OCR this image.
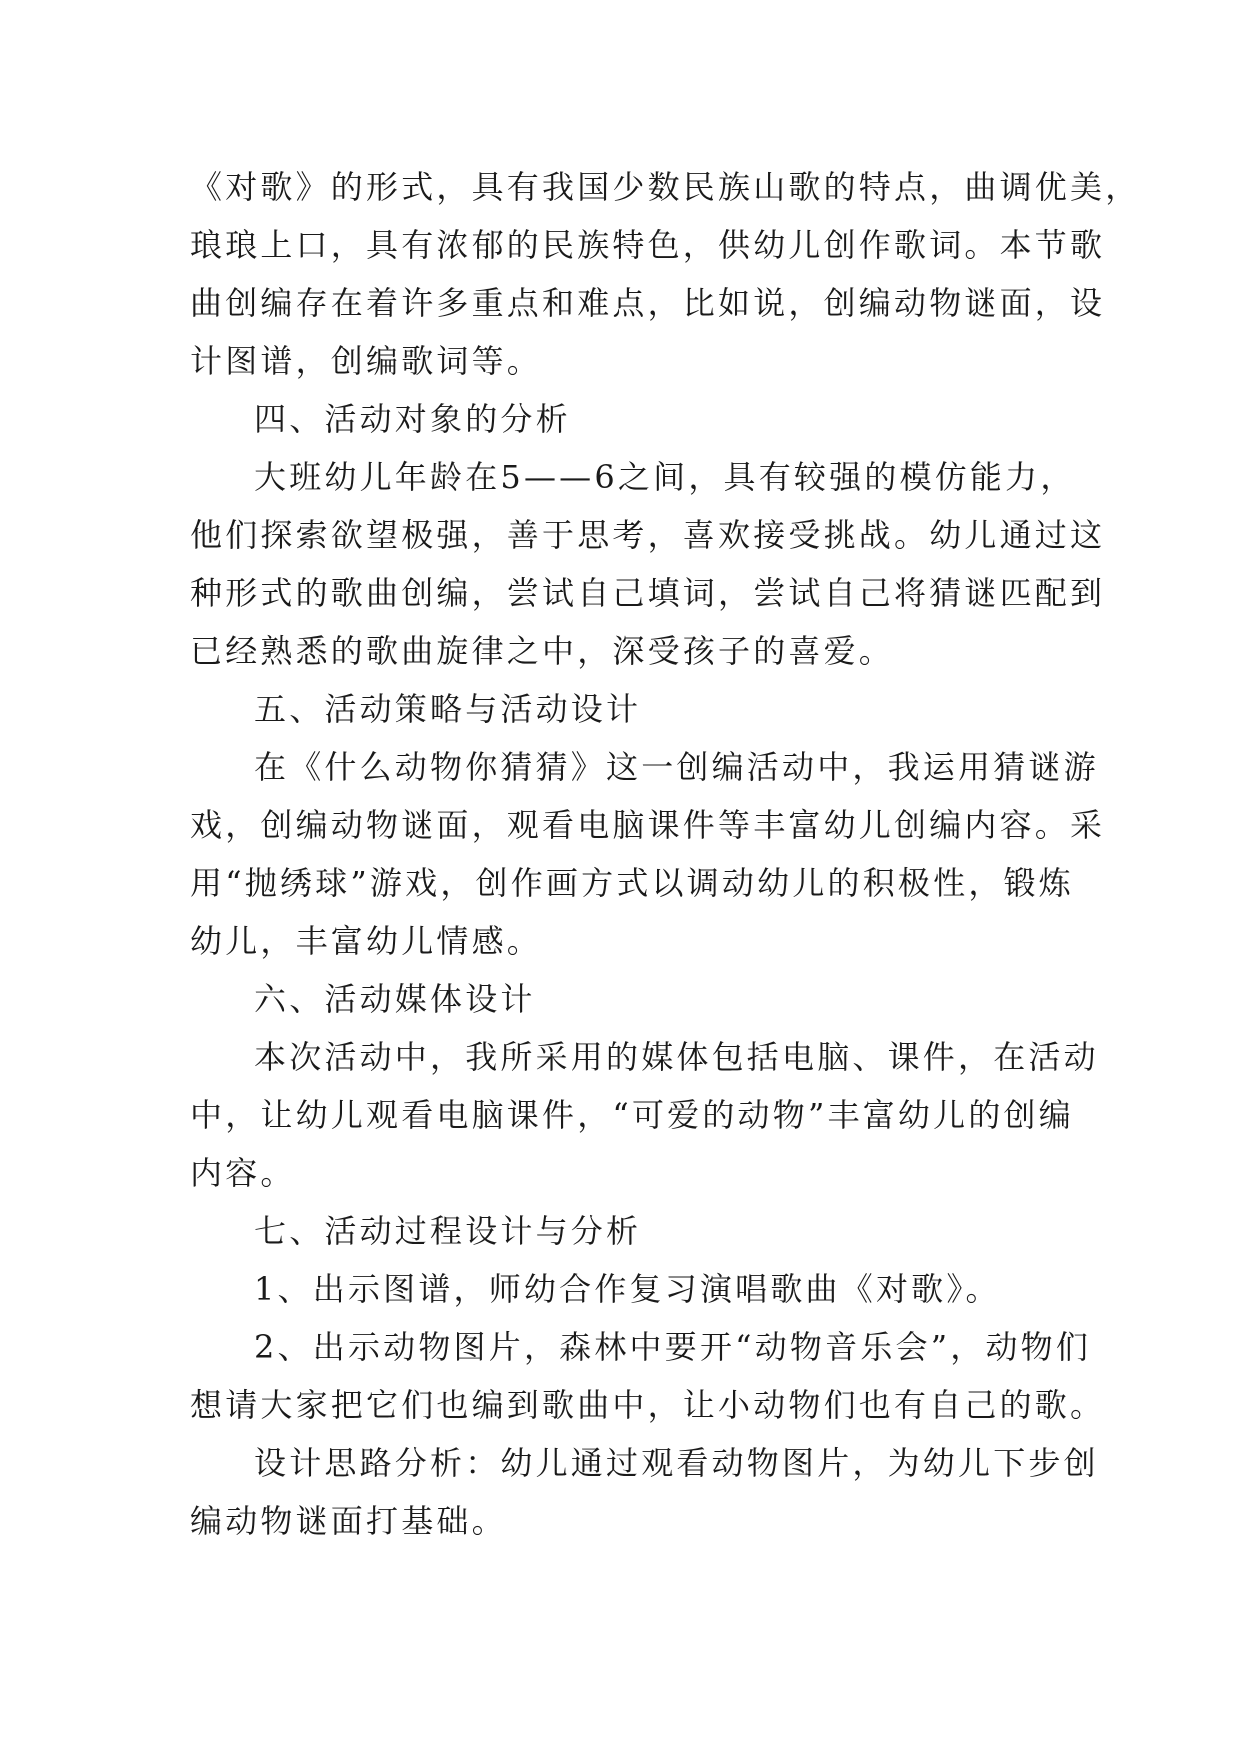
《对歌》的形式，具有我国少数民族山歌的特点，曲调优美，
琅琅上口，具有浓郁的民族特色，供幼儿创作歌词。本节歌
曲创编存在着许多重点和难点，比如说，创编动物谜面，设
计图谱，创编歌词等。
四、活动对象的分析
大班幼儿年龄在5——6之间，具有较强的模仿能力，
他们探索欲望极强，善于思考，喜欢接受挑战。幼儿通过这
种形式的歌曲创编，尝试自己填词，尝试自己将猜谜匹配到
已经熟悉的歌曲旋律之中，深受孩子的喜爱。
五、活动策略与活动设计
在《什么动物你猜猜》这一创编活动中，我运用猜谜游
戏，创编动物谜面，观看电脑课件等丰富幼儿创编内容。采
用“抛绣球”游戏，创作画方式以调动幼儿的积极性，锻炼
幼儿，丰富幼儿情感。
六、活动媒体设计
本次活动中，我所采用的媒体包括电脑、课件，在活动
中，让幼儿观看电脑课件，“可爱的动物”丰富幼儿的创编
内容。
七、活动过程设计与分析
1、出示图谱，师幼合作复习演唱歌曲《对歌》。
2、出示动物图片，森林中要开“动物音乐会”，动物们
想请大家把它们也编到歌曲中，让小动物们也有自己的歌。
设计思路分析：幼儿通过观看动物图片，为幼儿下步创
编动物谜面打基础。
